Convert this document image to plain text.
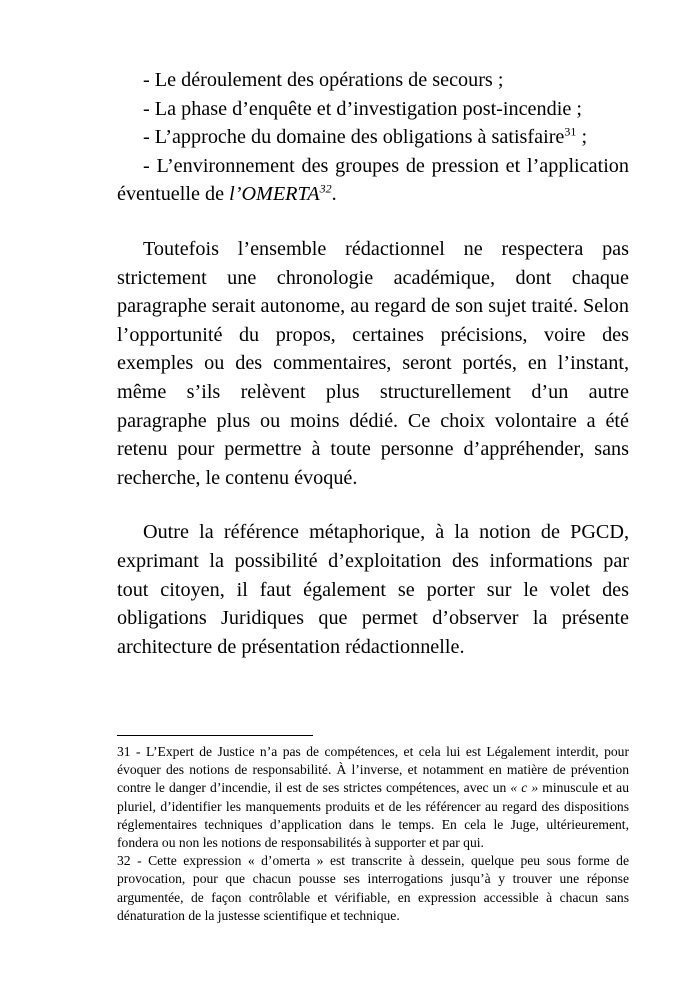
- Le déroulement des opérations de secours ;
- La phase d’enquête et d’investigation post-incendie ;
- L’approche du domaine des obligations à satisfaire$^{31}$ ;
- L’environnement des groupes de pression et l’application éventuelle de l’OMERTA$^{32}$.

Toutefois l’ensemble rédactionnel ne respectera pas strictement une chronologie académique, dont chaque paragraphe serait autonome, au regard de son sujet traité. Selon l’opportunité du propos, certaines précisions, voire des exemples ou des commentaires, seront portés, en l’instant, même s’ils relèvent plus structurellement d’un autre paragraphe plus ou moins dédié. Ce choix volontaire a été retenu pour permettre à toute personne d’appréhender, sans recherche, le contenu évoqué.

Outre la référence métaphorique, à la notion de PGCD, exprimant la possibilité d’exploitation des informations par tout citoyen, il faut également se porter sur le volet des obligations Juridiques que permet d’observer la présente architecture de présentation rédactionnelle.

31 - L’Expert de Justice n’a pas de compétences, et cela lui est Légalement interdit, pour évoquer des notions de responsabilité. À l’inverse, et notamment en matière de prévention contre le danger d’incendie, il est de ses strictes compétences, avec un « c » minuscule et au pluriel, d’identifier les manquements produits et de les référencer au regard des dispositions réglementaires techniques d’application dans le temps. En cela le Juge, ultérieurement, fondera ou non les notions de responsabilités à supporter et par qui.

32 - Cette expression « d’omerta » est transcrite à dessein, quelque peu sous forme de provocation, pour que chacun pousse ses interrogations jusqu’à y trouver une réponse argumentée, de façon contrôlable et vérifiable, en expression accessible à chacun sans dénaturation de la justesse scientifique et technique.
